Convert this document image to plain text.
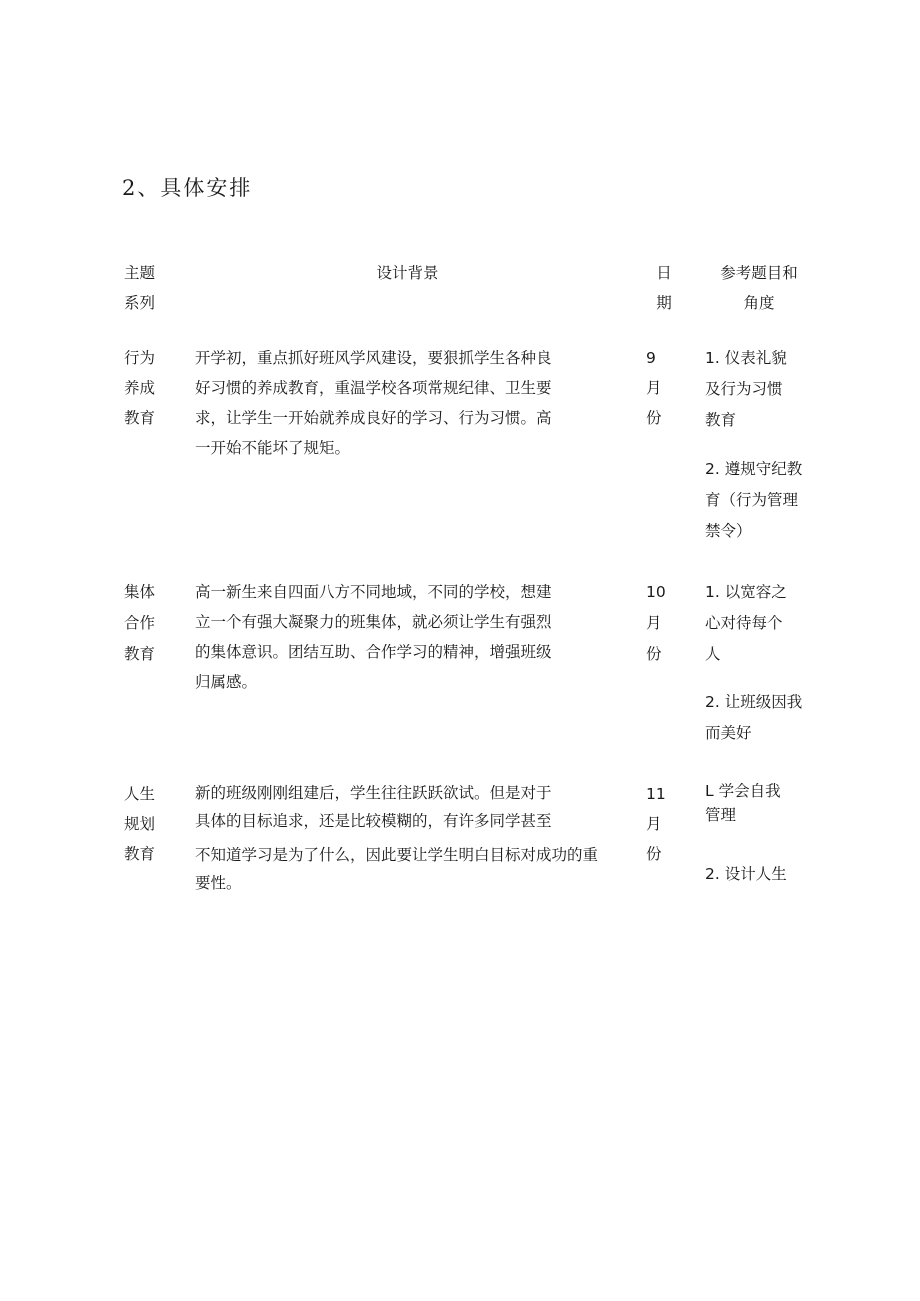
2、具体安排
主题
系列
设计背景	日
期
参考题目和
角度
行为
养成
教育
开学初，重点抓好班风学风建设，要狠抓学生各种良
好习惯的养成教育，重温学校各项常规纪律、卫生要
求，让学生一开始就养成良好的学习、行为习惯。高
一开始不能坏了规矩。
9
月
份
1. 仪表礼貌
及行为习惯
教育
2. 遵规守纪教
育（行为管理
禁令）
集体
合作
教育
高一新生来自四面八方不同地域，不同的学校，想建
立一个有强大凝聚力的班集体，就必须让学生有强烈
的集体意识。团结互助、合作学习的精神，增强班级
归属感。
10
月
份
1. 以宽容之
心对待每个
人
2. 让班级因我
而美好
人生
规划
教育
新的班级刚刚组建后，学生往往跃跃欲试。但是对于
具体的目标追求，还是比较模糊的，有许多同学甚至
不知道学习是为了什么，因此要让学生明白目标对成功的重
要性。
11
月
份
L 学会自我
管理
2. 设计人生
